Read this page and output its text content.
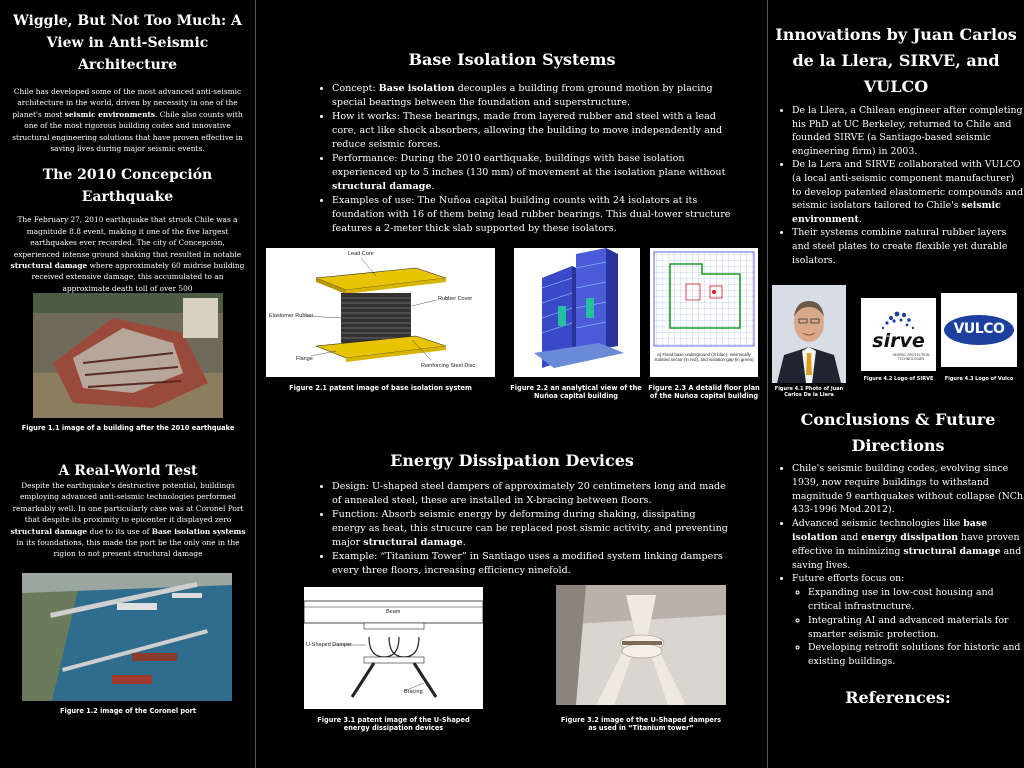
Wiggle, But Not Too Much: A View in Anti-Seismic Architecture

Chile has developed some of the most advanced anti-seismic architecture in the world, driven by necessity in one of the planet's most seismic environments. Chile also counts with one of the most rigorous building codes and innovative structural engineering solutions that have proven effective in saving lives during major seismic events.

The 2010 Concepción Earthquake

The February 27, 2010 earthquake that struck Chile was a magnitude 8.8 event, making it one of the five largest earthquakes ever recorded. The city of Concepción, experienced intense ground shaking that resulted in notable structural damage where approximately 60 midrise building received extensive damage, this accumulated to an approximate death toll of over 500

Figure 1.1 image of a building after the 2010 earthquake
A Real-World Test

Despite the earthquake's destructive potential, buildings employing advanced anti-seismic technologies performed remarkably well. In one particularly case was at Coronel Port that despite its proximity to epicenter it displayed zero structural damage due to its use of Base isolation systems in its foundations, this made the port be the only one in the rigion to not present structural damage

Figure 1.2 image of the Coronel port
Base Isolation Systems
• Concept: Base isolation decouples a building from ground motion by placing special bearings between the foundation and superstructure.
• How it works: These bearings, made from layered rubber and steel with a lead core, act like shock absorbers, allowing the building to move independently and reduce seismic forces.
• Performance: During the 2010 earthquake, buildings with base isolation experienced up to 5 inches (130 mm) of movement at the isolation plane without structural damage.
• Examples of use: The Nuñoa capital building counts with 24 isolators at its foundation with 16 of them being lead rubber bearings. This dual-tower structure features a 2-meter thick slab supported by these isolators.
Lead Core
Rubber Cover
Elastomer Rubber
Flange
Reinforcing Steel Disc
Figure 2.1 patent image of base isolation system	Figure 2.2 an analytical view of the Nuñoa capital building
a) Fixed base underground (in blue), seismically isolated sector (in red), and isolation gap (in green)
Figure 2.3 A detalid floor plan of the Nuñoa capital building
Energy Dissipation Devices
• Design: U-shaped steel dampers of approximately 20 centimeters long and made of annealed steel, these are installed in X-bracing between floors.
• Function: Absorb seismic energy by deforming during shaking, dissipating energy as heat, this strucure can be replaced post sismic activity, and preventing major structural damage.
• Example: “Titanium Tower” in Santiago uses a modified system linking dampers every three floors, increasing efficiency ninefold.
Beam
U-Shaped Damper
Bracing
Figure 3.1 patent image of the U-Shaped energy dissipation devices
Figure 3.2 image of the U-Shaped dampers as used in “Titanium tower”
Innovations by Juan Carlos de la Llera, SIRVE, and VULCO
• De la Llera, a Chilean engineer after completing his PhD at UC Berkeley, returned to Chile and founded SIRVE (a Santiago-based seismic engineering firm) in 2003.
• De la Lera and SIRVE collaborated with VULCO (a local anti-seismic component manufacturer) to develop patented elastomeric compounds and seismic isolators tailored to Chile's seismic environment.
• Their systems combine natural rubber layers and steel plates to create flexible yet durable isolators.
Figure 4.1 Photo of Juan Carlos De la Llera
sirve
SEISMIC PROTECTION TECHNOLOGIES
Figure 4.2 Logo of SIRVE
VULCO
Figure 4.3 Logo of Vulco
Conclusions & Future Directions
• Chile's seismic building codes, evolving since 1939, now require buildings to withstand magnitude 9 earthquakes without collapse (NCh 433-1996 Mod.2012).
• Advanced seismic technologies like base isolation and energy dissipation have proven effective in minimizing structural damage and saving lives.
• Future efforts focus on:
◦ Expanding use in low-cost housing and critical infrastructure.
◦ Integrating AI and advanced materials for smarter seismic protection.
◦ Developing retrofit solutions for historic and existing buildings.
References:
